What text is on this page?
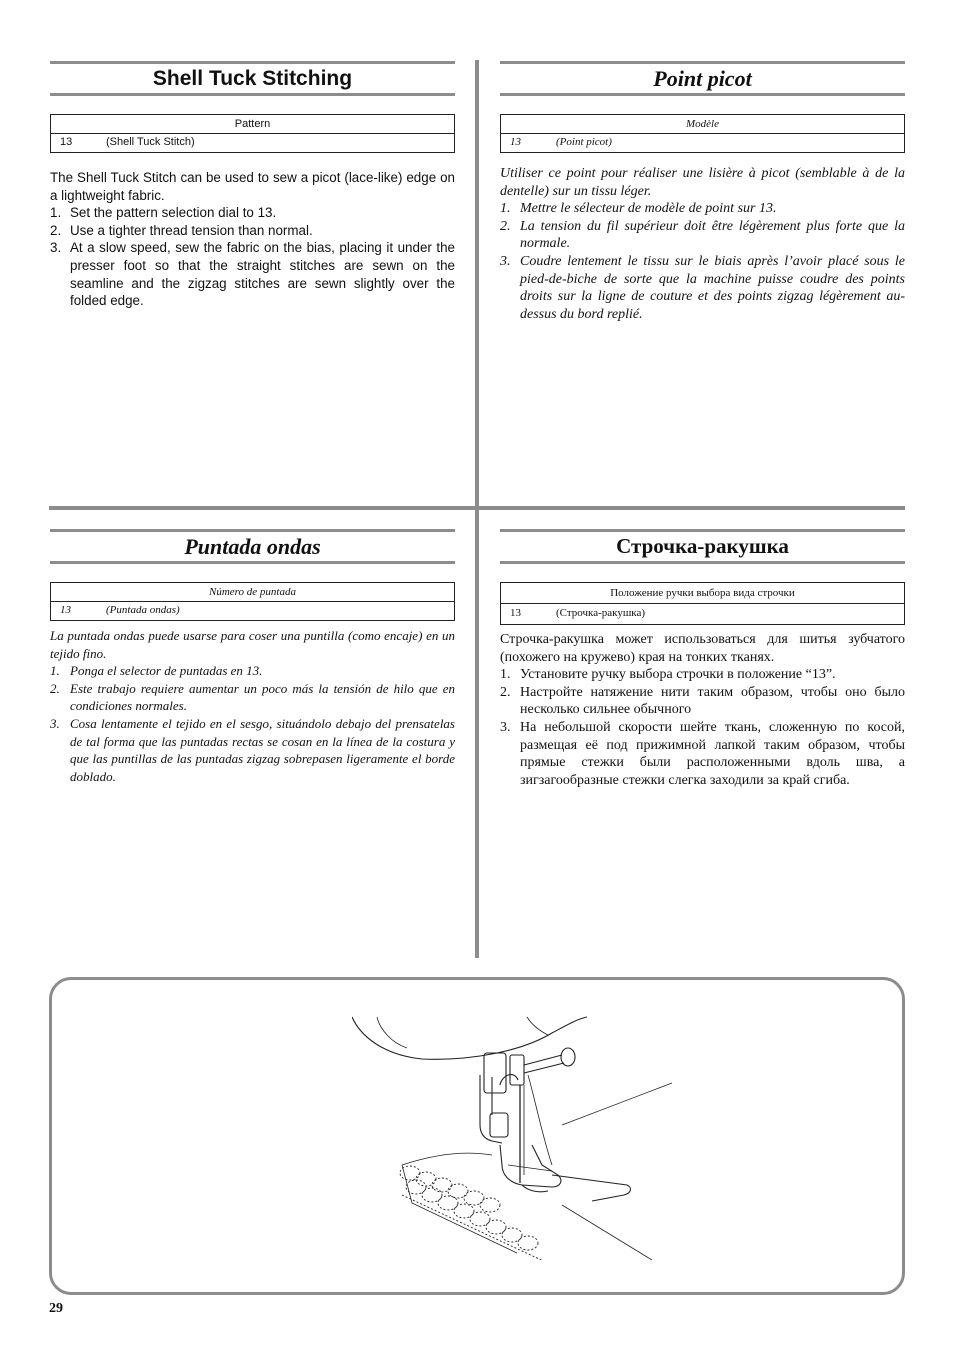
Shell Tuck Stitching
Pattern
13	(Shell Tuck Stitch)

The Shell Tuck Stitch can be used to sew a picot (lace-like) edge on a lightweight fabric.

1. Set the pattern selection dial to 13.
2. Use a tighter thread tension than normal.
3. At a slow speed, sew the fabric on the bias, placing it under the presser foot so that the straight stitches are sewn on the seamline and the zigzag stitches are sewn slightly over the folded edge.
Point picot
Modèle
13	(Point picot)

Utiliser ce point pour réaliser une lisière à picot (semblable à de la dentelle) sur un tissu léger.

1. Mettre le sélecteur de modèle de point sur 13.
2. La tension du fil supérieur doit être légèrement plus forte que la normale.
3. Coudre lentement le tissu sur le biais après l’avoir placé sous le pied-de-biche de sorte que la machine puisse coudre des points droits sur la ligne de couture et des points zigzag légèrement au-dessus du bord replié.
Puntada ondas
Número de puntada
13	(Puntada ondas)

La puntada ondas puede usarse para coser una puntilla (como encaje) en un tejido fino.

1. Ponga el selector de puntadas en 13.
2. Este trabajo requiere aumentar un poco más la tensión de hilo que en condiciones normales.
3. Cosa lentamente el tejido en el sesgo, situándolo debajo del prensatelas de tal forma que las puntadas rectas se cosan en la línea de la costura y que las puntillas de las puntadas zigzag sobrepasen ligeramente el borde doblado.
Строчка-ракушка
Положение ручки выбора вида строчки
13	(Строчка-ракушка)

Строчка-ракушка может использоваться для шитья зубчатого (похожего на кружево) края на тонких тканях.

1. Установите ручку выбора строчки в положение “13”.
2. Настройте натяжение нити таким образом, чтобы оно было несколько сильнее обычного
3. На небольшой скорости шейте ткань, сложенную по косой, размещая её под прижимной лапкой таким образом, чтобы прямые стежки были расположенными вдоль шва, а зигзагообразные стежки слегка заходили за край сгиба.
29
